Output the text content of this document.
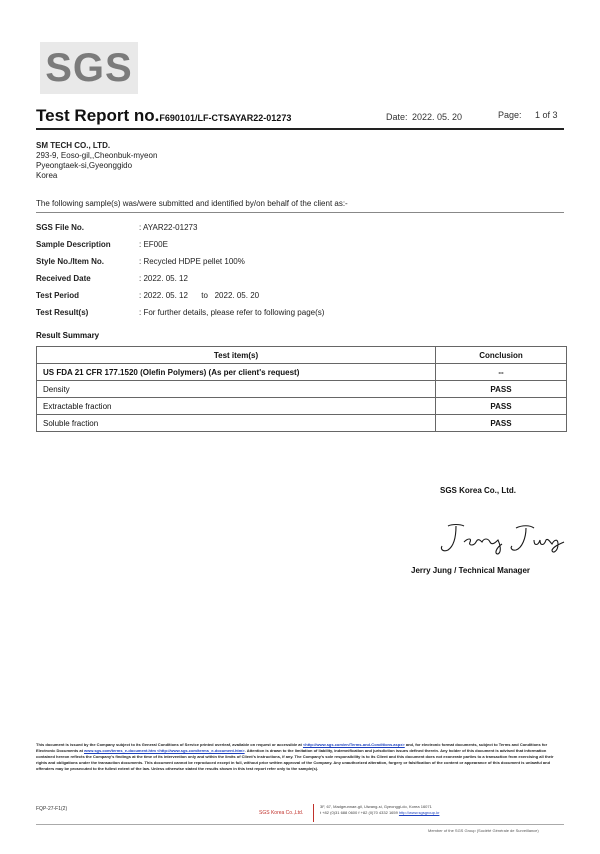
SGS
Test Report no.F690101/LF-CTSAYAR22-01273	Date: 2022. 05. 20	Page: 1 of 3
SM TECH CO., LTD.
293-9, Eoso-gil,,Cheonbuk-myeon
Pyeongtaek-si,Gyeonggido
Korea
The following sample(s) was/were submitted and identified by/on behalf of the client as:-
SGS File No.	: AYAR22-01273
Sample Description	: EF00E
Style No./Item No.	: Recycled HDPE pellet 100%
Received Date	: 2022. 05. 12
Test Period	: 2022. 05. 12      to   2022. 05. 20
Test Result(s)	: For further details, please refer to following page(s)
Result Summary
Test item(s)	Conclusion
US FDA 21 CFR 177.1520 (Olefin Polymers) (As per client's request)	--
Density	PASS
Extractable fraction	PASS
Soluble fraction	PASS
SGS Korea Co., Ltd.
Jerry Jung / Technical Manager
This document is issued by the Company subject to its General Conditions of Service printed overleaf, available on request or accessible at <http://www.sgs.com/en/Terms-and-Conditions.aspx> and, for electronic format documents, subject to Terms and Conditions for Electronic Documents at www.sgs.com/terms_e-document.htm <http://www.sgs.com/terms_e-document.htm>. Attention is drawn to the limitation of liability, indemnification and jurisdiction issues defined therein. Any holder of this document is advised that information contained hereon reflects the Company's findings at the time of its intervention only and within the limits of Client's instructions, if any. The Company's sole responsibility is to its Client and this document does not exonerate parties to a transaction from exercising all their rights and obligations under the transaction documents. This document cannot be reproduced except in full, without prior written approval of the Company. Any unauthorized alteration, forgery or falsification of the content or appearance of this document is unlawful and offenders may be prosecuted to the fullest extent of the law. Unless otherwise stated the results shown in this test report refer only to the sample(s).
FQP-27-F1(2)
SGS Korea Co.,Ltd.
3F, 67, Madgeunnae-gil, Uiwang-si, Gyeonggi-do, Korea 16071
t +82 (0)31 688 0600 f +82 (0)70 4332 1659 http://www.sgsgroup.kr
Member of the SGS Group (Société Générale de Surveillance)
